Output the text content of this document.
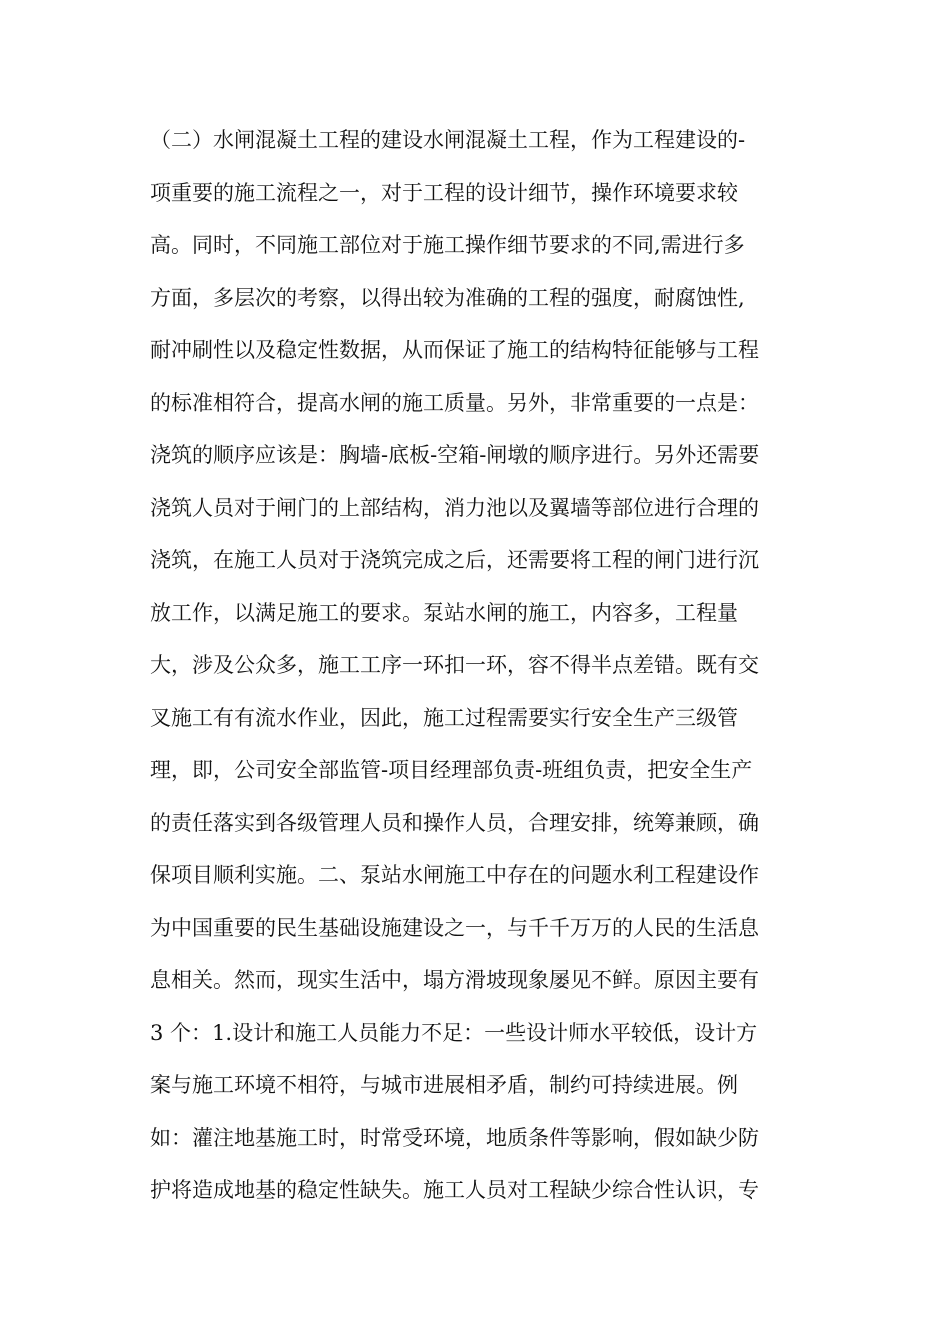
（二）水闸混凝土工程的建设水闸混凝土工程，作为工程建设的-
项重要的施工流程之一，对于工程的设计细节，操作环境要求较
高。同时，不同施工部位对于施工操作细节要求的不同,需进行多
方面，多层次的考察，以得出较为准确的工程的强度，耐腐蚀性,
耐冲刷性以及稳定性数据，从而保证了施工的结构特征能够与工程
的标准相符合，提高水闸的施工质量。另外，非常重要的一点是：
浇筑的顺序应该是：胸墙-底板-空箱-闸墩的顺序进行。另外还需要
浇筑人员对于闸门的上部结构，消力池以及翼墙等部位进行合理的
浇筑，在施工人员对于浇筑完成之后，还需要将工程的闸门进行沉
放工作，以满足施工的要求。泵站水闸的施工，内容多，工程量
大，涉及公众多，施工工序一环扣一环，容不得半点差错。既有交
叉施工有有流水作业，因此，施工过程需要实行安全生产三级管
理，即，公司安全部监管-项目经理部负责-班组负责，把安全生产
的责任落实到各级管理人员和操作人员，合理安排，统筹兼顾，确
保项目顺利实施。二、泵站水闸施工中存在的问题水利工程建设作
为中国重要的民生基础设施建设之一，与千千万万的人民的生活息
息相关。然而，现实生活中，塌方滑坡现象屡见不鲜。原因主要有
3 个：1.设计和施工人员能力不足：一些设计师水平较低，设计方
案与施工环境不相符，与城市进展相矛盾，制约可持续进展。例
如：灌注地基施工时，时常受环境，地质条件等影响，假如缺少防
护将造成地基的稳定性缺失。施工人员对工程缺少综合性认识，专
